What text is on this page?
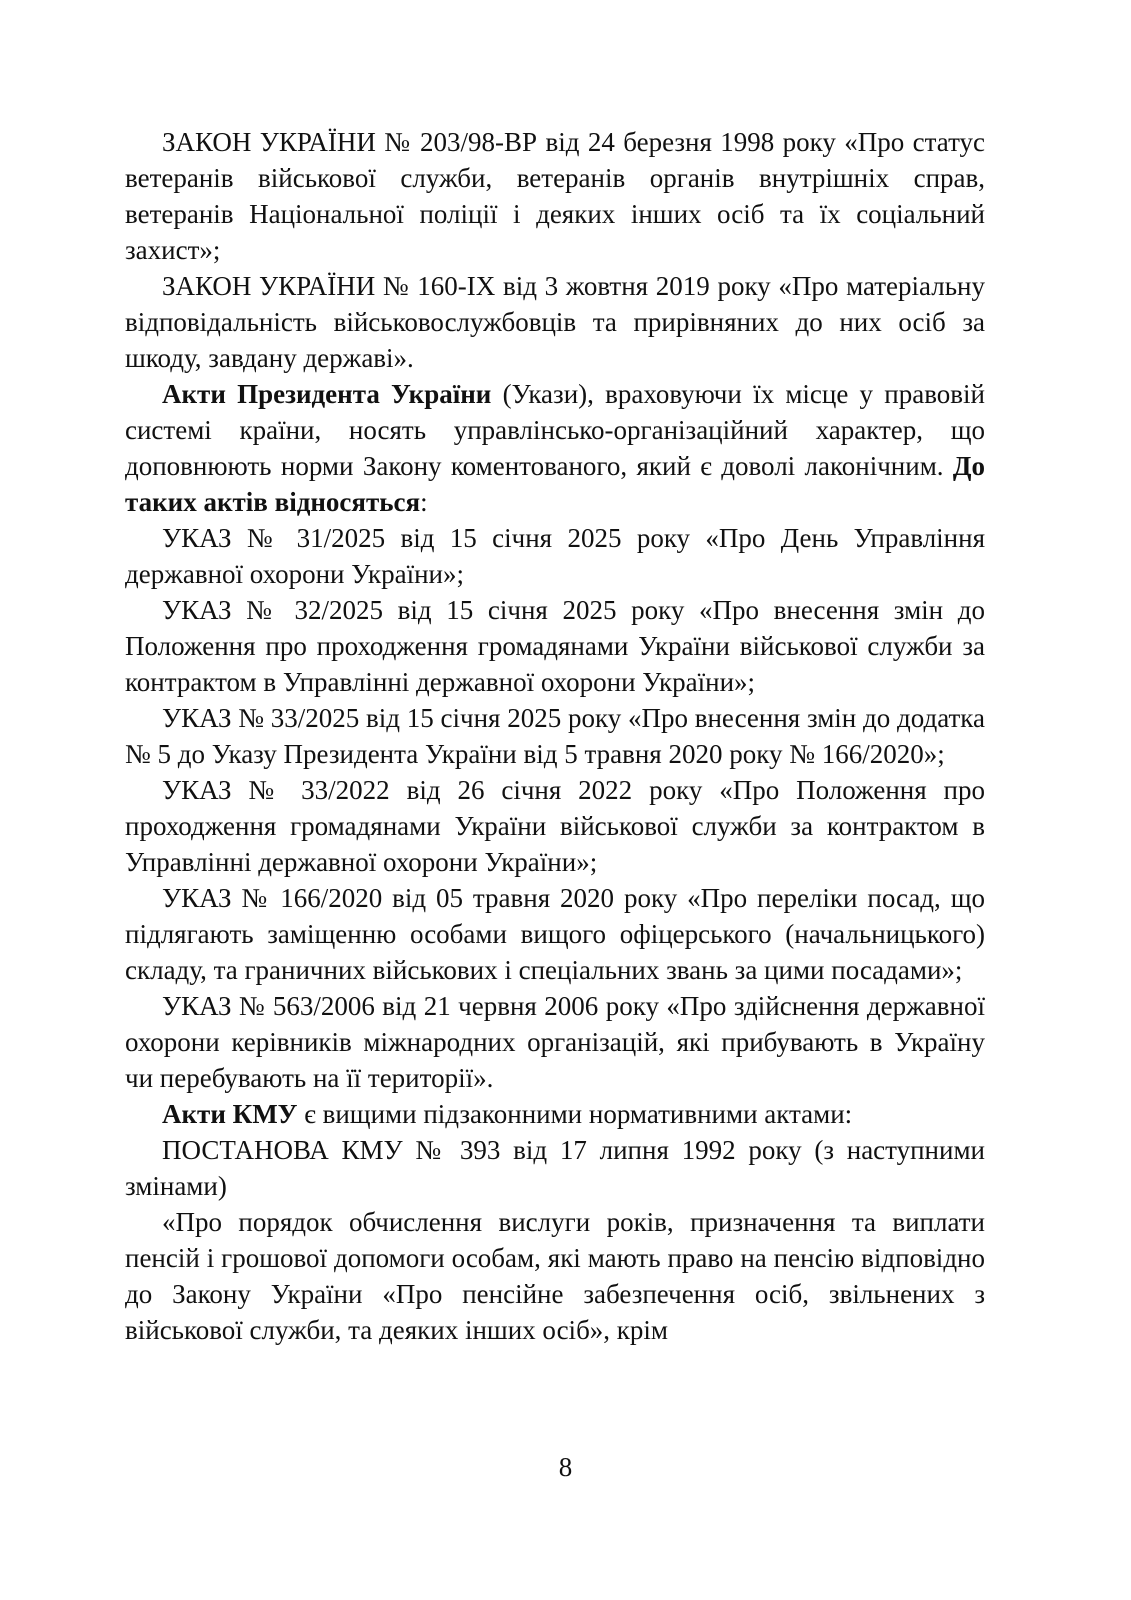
ЗАКОН УКРАЇНИ № 203/98-ВР від 24 березня 1998 року «Про статус ветеранів військової служби, ветеранів органів внутрішніх справ, ветеранів Національної поліції і деяких інших осіб та їх соціальний захист»;

ЗАКОН УКРАЇНИ № 160-IX від 3 жовтня 2019 року «Про матеріальну відповідальність військовослужбовців та прирівняних до них осіб за шкоду, завдану державі».

Акти Президента України (Укази), враховуючи їх місце у правовій системі країни, носять управлінсько-організаційний характер, що доповнюють норми Закону коментованого, який є доволі лаконічним. До таких актів відносяться:

УКАЗ № 31/2025 від 15 січня 2025 року «Про День Управління державної охорони України»;

УКАЗ № 32/2025 від 15 січня 2025 року «Про внесення змін до Положення про проходження громадянами України військової служби за контрактом в Управлінні державної охорони України»;

УКАЗ № 33/2025 від 15 січня 2025 року «Про внесення змін до додатка № 5 до Указу Президента України від 5 травня 2020 року № 166/2020»;

УКАЗ № 33/2022 від 26 січня 2022 року «Про Положення про проходження громадянами України військової служби за контрактом в Управлінні державної охорони України»;

УКАЗ № 166/2020 від 05 травня 2020 року «Про переліки посад, що підлягають заміщенню особами вищого офіцерського (начальницького) складу, та граничних військових і спеціальних звань за цими посадами»;

УКАЗ № 563/2006 від 21 червня 2006 року «Про здійснення державної охорони керівників міжнародних організацій, які прибувають в Україну чи перебувають на її території».

Акти КМУ є вищими підзаконними нормативними актами:

ПОСТАНОВА КМУ № 393 від 17 липня 1992 року (з наступними змінами)

«Про порядок обчислення вислуги років, призначення та виплати пенсій і грошової допомоги особам, які мають право на пенсію відповідно до Закону України «Про пенсійне забезпечення осіб, звільнених з військової служби, та деяких інших осіб», крім

8
